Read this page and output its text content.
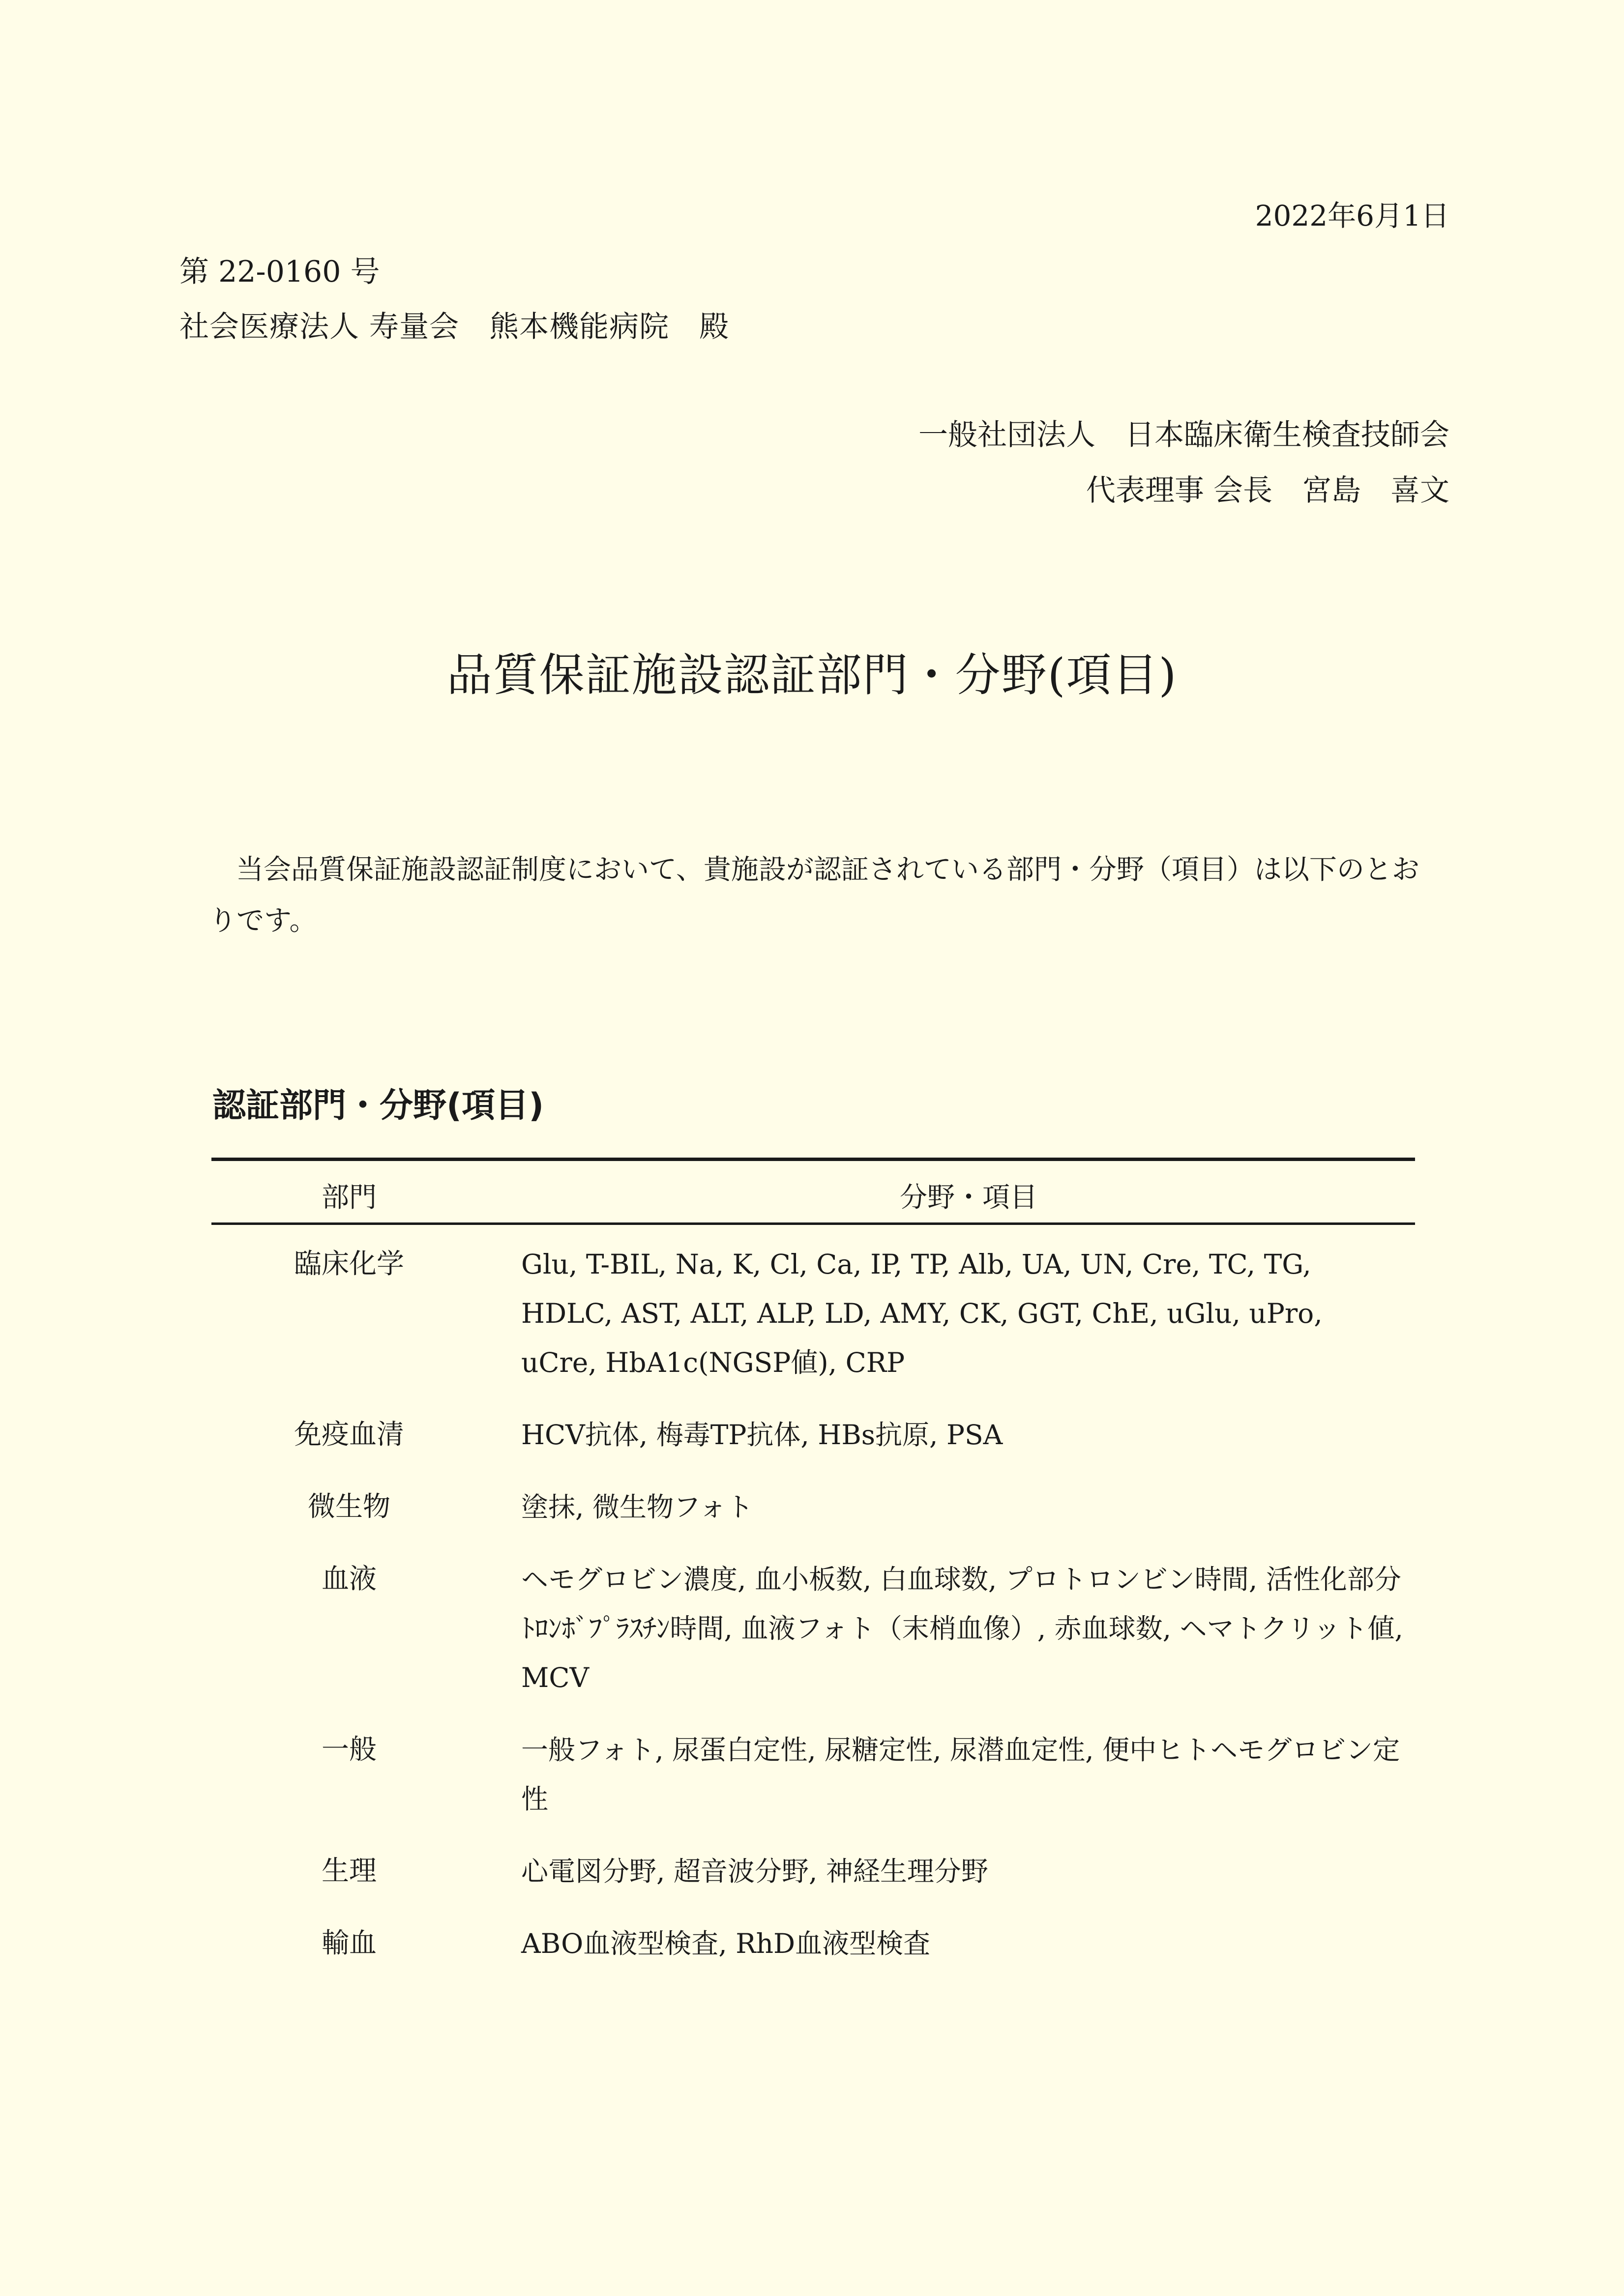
2022年6月1日
第 22-0160 号
社会医療法人 寿量会　熊本機能病院　殿
一般社団法人　日本臨床衛生検査技師会
代表理事 会長　宮島　喜文
品質保証施設認証部門・分野(項目)
当会品質保証施設認証制度において、貴施設が認証されている部門・分野（項目）は以下のとおりです。
認証部門・分野(項目)
部門	分野・項目
臨床化学	Glu, T-BIL, Na, K, Cl, Ca, IP, TP, Alb, UA, UN, Cre, TC, TG, HDLC, AST, ALT, ALP, LD, AMY, CK, GGT, ChE, uGlu, uPro, uCre, HbA1c(NGSP値), CRP
免疫血清	HCV抗体, 梅毒TP抗体, HBs抗原, PSA
微生物	塗抹, 微生物フォト
血液	ヘモグロビン濃度, 血小板数, 白血球数, プロトロンビン時間, 活性化部分ﾄﾛﾝﾎﾞﾌﾟﾗｽﾁﾝ時間, 血液フォト（末梢血像）, 赤血球数, ヘマトクリット値, MCV
一般	一般フォト, 尿蛋白定性, 尿糖定性, 尿潜血定性, 便中ヒトヘモグロビン定性
生理	心電図分野, 超音波分野, 神経生理分野
輸血	ABO血液型検査, RhD血液型検査
